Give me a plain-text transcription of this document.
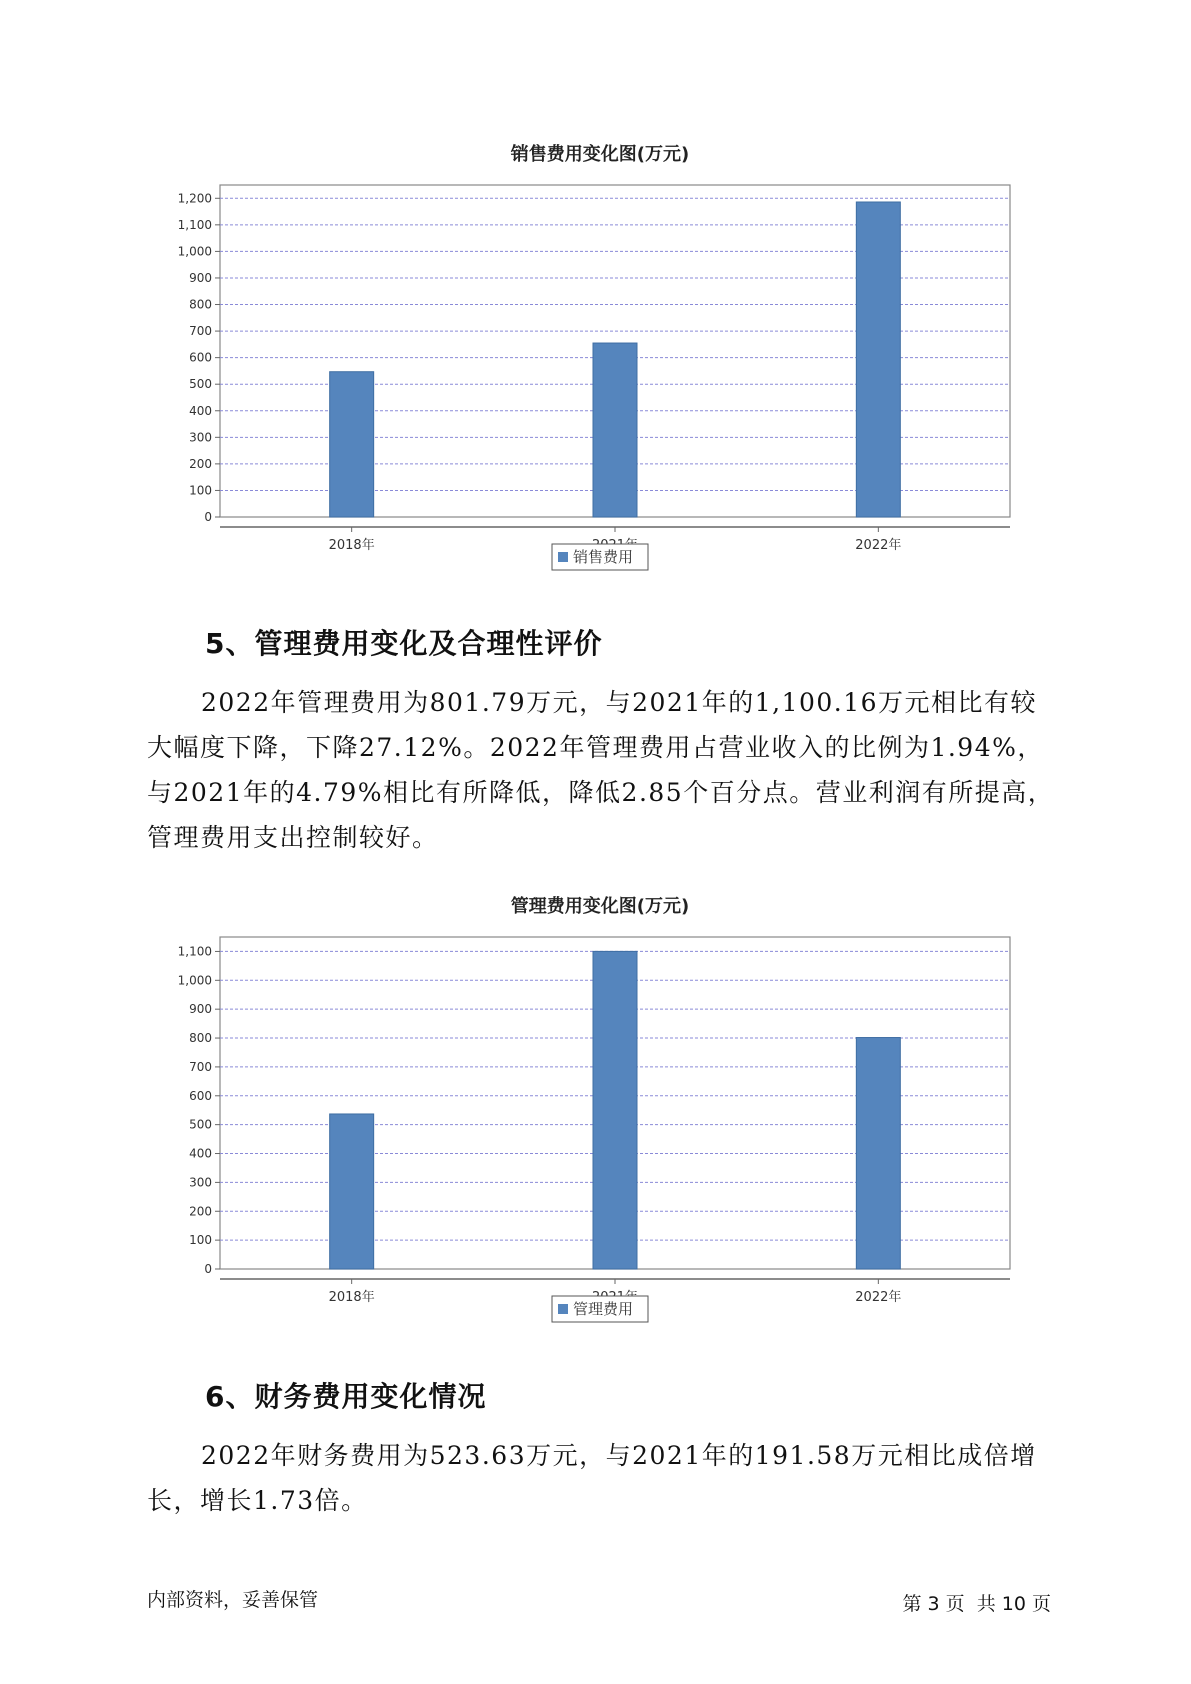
销售费用变化图(万元)
0
100
200
300
400
500
600
700
800
900
1,000
1,100
1,200
2018年	2022年
销售费用
5、管理费用变化及合理性评价

2022年管理费用为801.79万元，与2021年的1,100.16万元相比有较大幅度下降，下降27.12%。2022年管理费用占营业收入的比例为1.94%，与2021年的4.79%相比有所降低，降低2.85个百分点。营业利润有所提高，管理费用支出控制较好。

管理费用变化图(万元)
0
100
200
300
400
500
600
700
800
900
1,000
1,100
2018年	2022年
管理费用
6、财务费用变化情况

2022年财务费用为523.63万元，与2021年的191.58万元相比成倍增长，增长1.73倍。

内部资料，妥善保管	第 3 页  共 10 页
